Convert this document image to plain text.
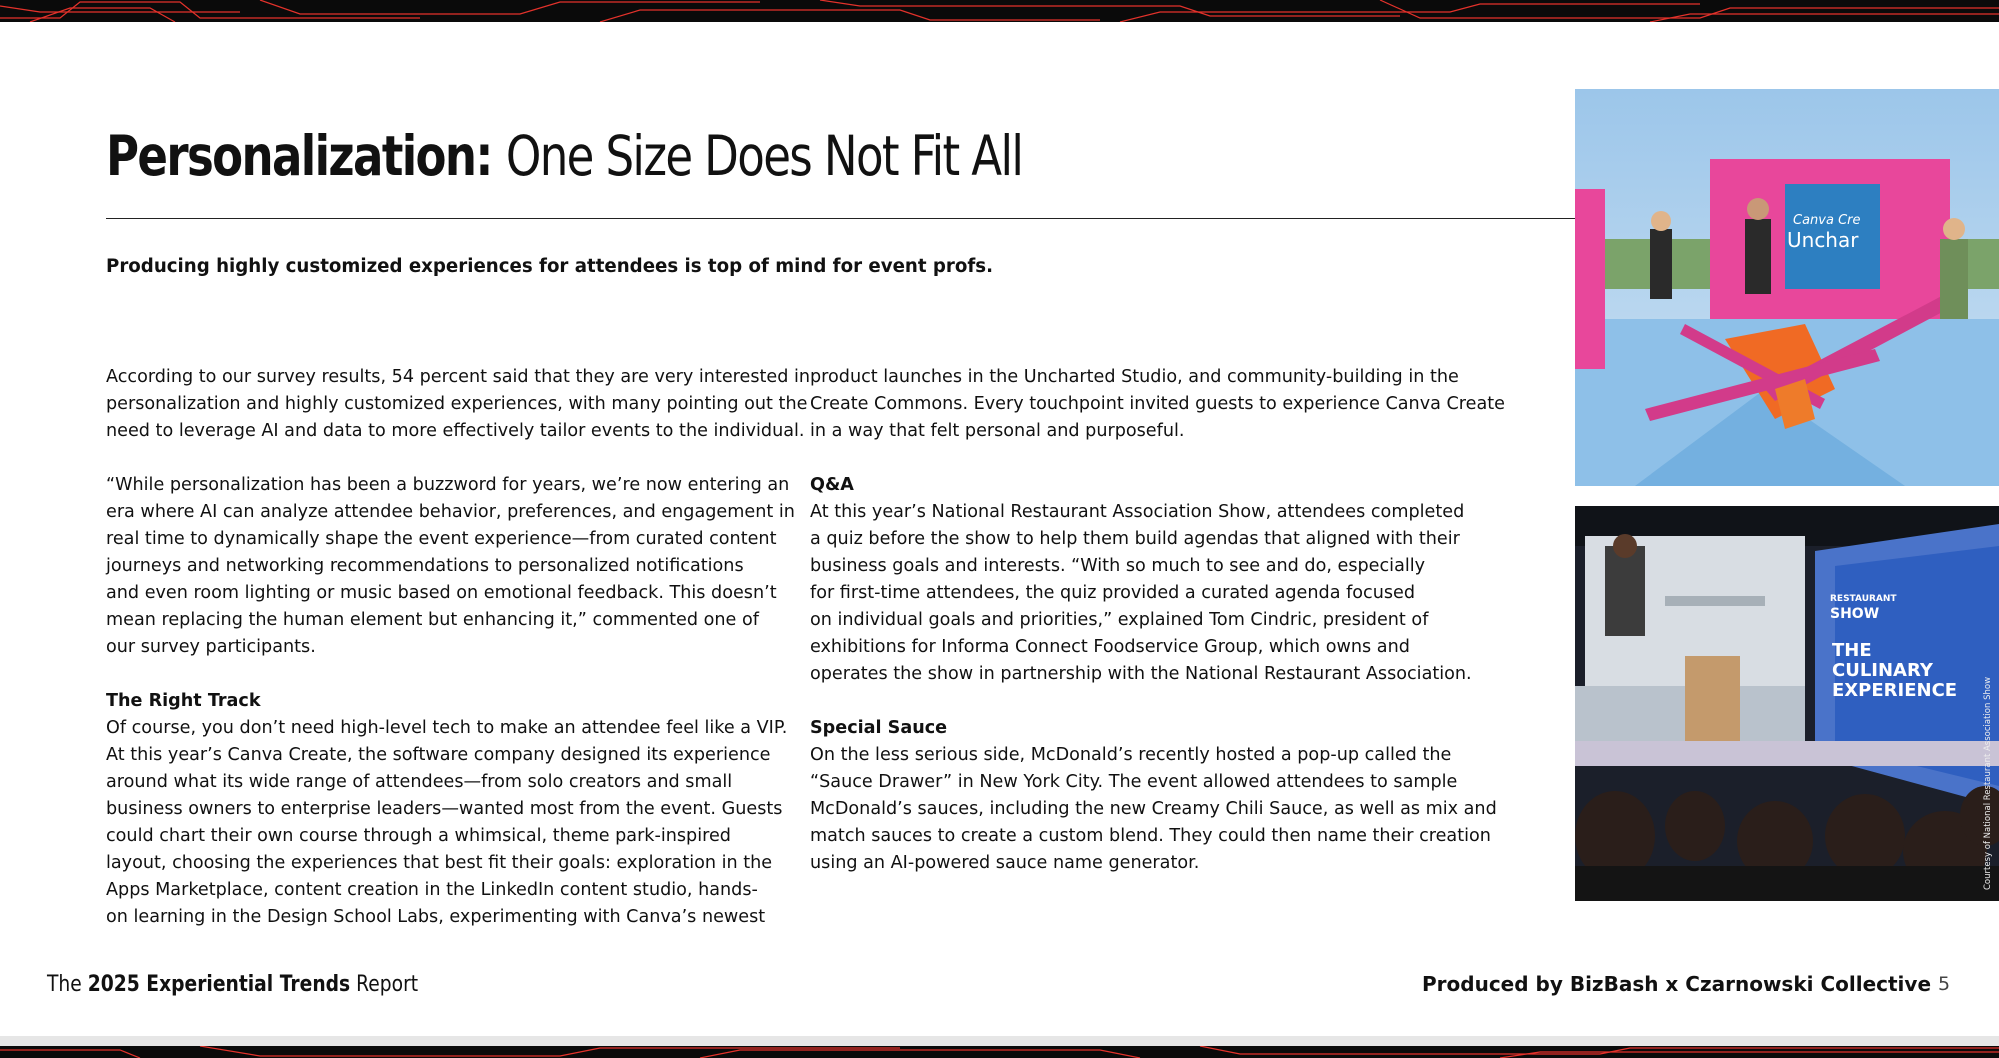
Personalization: One Size Does Not Fit All

Producing highly customized experiences for attendees is top of mind for event profs.

According to our survey results, 54 percent said that they are very interested in
personalization and highly customized experiences, with many pointing out the
need to leverage AI and data to more effectively tailor events to the individual.
“While personalization has been a buzzword for years, we’re now entering an
era where AI can analyze attendee behavior, preferences, and engagement in
real time to dynamically shape the event experience—from curated content
journeys and networking recommendations to personalized notifications
and even room lighting or music based on emotional feedback. This doesn’t
mean replacing the human element but enhancing it,” commented one of
our survey participants.
The Right Track
Of course, you don’t need high-level tech to make an attendee feel like a VIP.
At this year’s Canva Create, the software company designed its experience
around what its wide range of attendees—from solo creators and small
business owners to enterprise leaders—wanted most from the event. Guests
could chart their own course through a whimsical, theme park-inspired
layout, choosing the experiences that best fit their goals: exploration in the
Apps Marketplace, content creation in the LinkedIn content studio, hands-
on learning in the Design School Labs, experimenting with Canva’s newest
product launches in the Uncharted Studio, and community-building in the
Create Commons. Every touchpoint invited guests to experience Canva Create
in a way that felt personal and purposeful.
Q&A
At this year’s National Restaurant Association Show, attendees completed
a quiz before the show to help them build agendas that aligned with their
business goals and interests. “With so much to see and do, especially
for first-time attendees, the quiz provided a curated agenda focused
on individual goals and priorities,” explained Tom Cindric, president of
exhibitions for Informa Connect Foodservice Group, which owns and
operates the show in partnership with the National Restaurant Association.
Special Sauce
On the less serious side, McDonald’s recently hosted a pop-up called the
“Sauce Drawer” in New York City. The event allowed attendees to sample
McDonald’s sauces, including the new Creamy Chili Sauce, as well as mix and
match sauces to create a custom blend. They could then name their creation
using an AI-powered sauce name generator.
Canva Cre
Unchar
RESTAURANT
SHOW
THE
CULINARY
EXPERIENCE	Courtesy of National Restaurant Association Show
The 2025 Experiential Trends Report	Produced by BizBash x Czarnowski Collective 5
